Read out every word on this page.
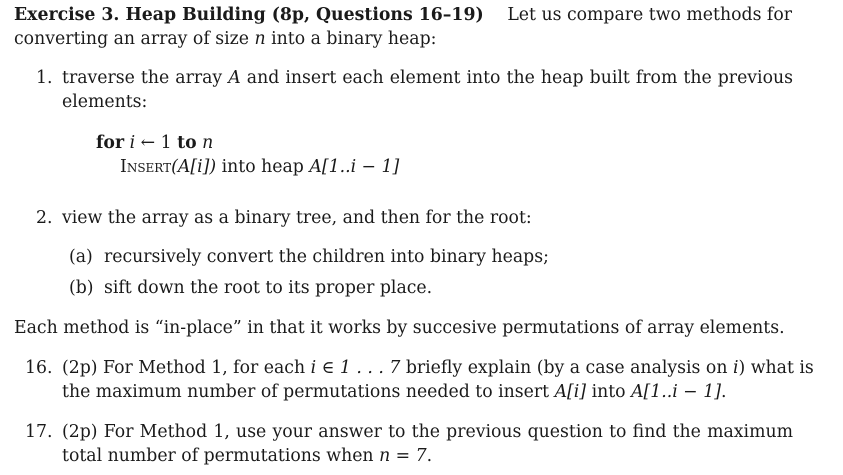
Exercise 3. Heap Building (8p, Questions 16–19) Let us compare two methods for
converting an array of size n into a binary heap:
1. traverse the array A and insert each element into the heap built from the previous
elements:
for i ← 1 to n
Insert(A[i]) into heap A[1..i − 1]
2. view the array as a binary tree, and then for the root:
(a) recursively convert the children into binary heaps;
(b) sift down the root to its proper place.
Each method is “in-place” in that it works by succesive permutations of array elements.
16. (2p) For Method 1, for each i ∈ 1 . . . 7 briefly explain (by a case analysis on i) what is
the maximum number of permutations needed to insert A[i] into A[1..i − 1].
17. (2p) For Method 1, use your answer to the previous question to find the maximum
total number of permutations when n = 7.
